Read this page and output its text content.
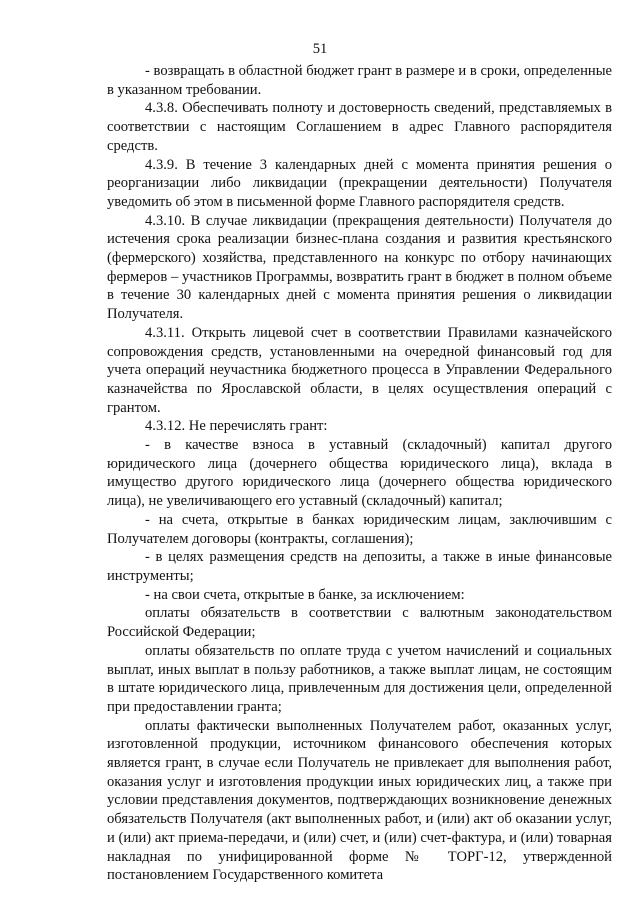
51

- возвращать в областной бюджет грант в размере и в сроки, определенные в указанном требовании.

4.3.8. Обеспечивать полноту и достоверность сведений, представляемых в соответствии с настоящим Соглашением в адрес Главного распорядителя средств.

4.3.9. В течение 3 календарных дней с момента принятия решения о реорганизации либо ликвидации (прекращении деятельности) Получателя уведомить об этом в письменной форме Главного распорядителя средств.

4.3.10. В случае ликвидации (прекращения деятельности) Получателя до истечения срока реализации бизнес-плана создания и развития крестьянского (фермерского) хозяйства, представленного на конкурс по отбору начинающих фермеров – участников Программы, возвратить грант в бюджет в полном объеме в течение 30 календарных дней с момента принятия решения о ликвидации Получателя.

4.3.11. Открыть лицевой счет в соответствии Правилами казначейского сопровождения средств, установленными на очередной финансовый год для учета операций неучастника бюджетного процесса в Управлении Федерального казначейства по Ярославской области, в целях осуществления операций с грантом.

4.3.12. Не перечислять грант:

- в качестве взноса в уставный (складочный) капитал другого юридического лица (дочернего общества юридического лица), вклада в имущество другого юридического лица (дочернего общества юридического лица), не увеличивающего его уставный (складочный) капитал;

- на счета, открытые в банках юридическим лицам, заключившим с Получателем договоры (контракты, соглашения);

- в целях размещения средств на депозиты, а также в иные финансовые инструменты;

- на свои счета, открытые в банке, за исключением:

оплаты обязательств в соответствии с валютным законодательством Российской Федерации;

оплаты обязательств по оплате труда с учетом начислений и социальных выплат, иных выплат в пользу работников, а также выплат лицам, не состоящим в штате юридического лица, привлеченным для достижения цели, определенной при предоставлении гранта;

оплаты фактически выполненных Получателем работ, оказанных услуг, изготовленной продукции, источником финансового обеспечения которых является грант, в случае если Получатель не привлекает для выполнения работ, оказания услуг и изготовления продукции иных юридических лиц, а также при условии представления документов, подтверждающих возникновение денежных обязательств Получателя (акт выполненных работ, и (или) акт об оказании услуг, и (или) акт приема-передачи, и (или) счет, и (или) счет-фактура, и (или) товарная накладная по унифицированной форме № ТОРГ-12, утвержденной постановлением Государственного комитета
